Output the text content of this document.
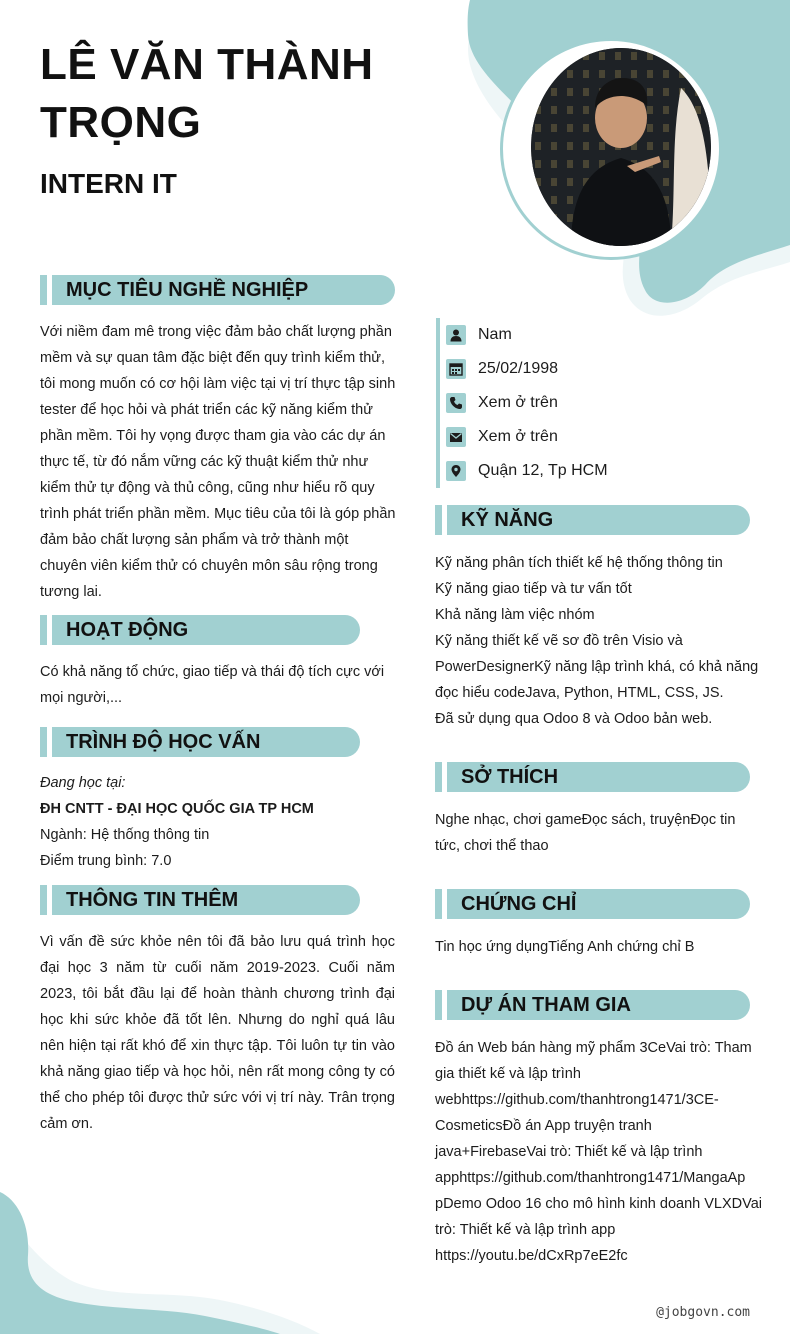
LÊ VĂN THÀNH
TRỌNG
INTERN IT
MỤC TIÊU NGHỀ NGHIỆP
Với niềm đam mê trong việc đảm bảo chất lượng phần mềm và sự quan tâm đặc biệt đến quy trình kiểm thử, tôi mong muốn có cơ hội làm việc tại vị trí thực tập sinh tester để học hỏi và phát triển các kỹ năng kiểm thử phần mềm. Tôi hy vọng được tham gia vào các dự án thực tế, từ đó nắm vững các kỹ thuật kiểm thử như kiểm thử tự động và thủ công, cũng như hiểu rõ quy trình phát triển phần mềm. Mục tiêu của tôi là góp phần đảm bảo chất lượng sản phẩm và trở thành một chuyên viên kiểm thử có chuyên môn sâu rộng trong tương lai.
HOẠT ĐỘNG
Có khả năng tổ chức, giao tiếp và thái độ tích cực với mọi người,...
TRÌNH ĐỘ HỌC VẤN
Đang học tại:
ĐH CNTT - ĐẠI HỌC QUỐC GIA TP HCM
Ngành: Hệ thống thông tin
Điểm trung bình: 7.0
THÔNG TIN THÊM
Vì vấn đề sức khỏe nên tôi đã bảo lưu quá trình học đại học 3 năm từ cuối năm 2019-2023. Cuối năm 2023, tôi bắt đầu lại để hoàn thành chương trình đại học khi sức khỏe đã tốt lên. Nhưng do nghỉ quá lâu nên hiện tại rất khó để xin thực tập. Tôi luôn tự tin vào khả năng giao tiếp và học hỏi, nên rất mong công ty có thể cho phép tôi được thử sức với vị trí này. Trân trọng cảm ơn.
Nam
25/02/1998
Xem ở trên
Xem ở trên
Quận 12, Tp HCM
KỸ NĂNG
Kỹ năng phân tích thiết kế hệ thống thông tin
Kỹ năng giao tiếp và tư vấn tốt
Khả năng làm việc nhóm
Kỹ năng thiết kế vẽ sơ đồ trên Visio và
PowerDesignerKỹ năng lập trình khá, có khả năng
đọc hiểu codeJava, Python, HTML, CSS, JS.
Đã sử dụng qua Odoo 8 và Odoo bản web.
SỞ THÍCH
Nghe nhạc, chơi gameĐọc sách, truyệnĐọc tin tức, chơi thể thao
CHỨNG CHỈ
Tin học ứng dụngTiếng Anh chứng chỉ B
DỰ ÁN THAM GIA
Đồ án Web bán hàng mỹ phẩm 3CeVai trò: Tham
gia thiết kế và lập trình
webhttps://github.com/thanhtrong1471/3CE-
CosmeticsĐồ án App truyện tranh
java+FirebaseVai trò: Thiết kế và lập trình
apphttps://github.com/thanhtrong1471/MangaAp
pDemo Odoo 16 cho mô hình kinh doanh VLXDVai
trò: Thiết kế và lập trình app
https://youtu.be/dCxRp7eE2fc
@jobgovn.com
